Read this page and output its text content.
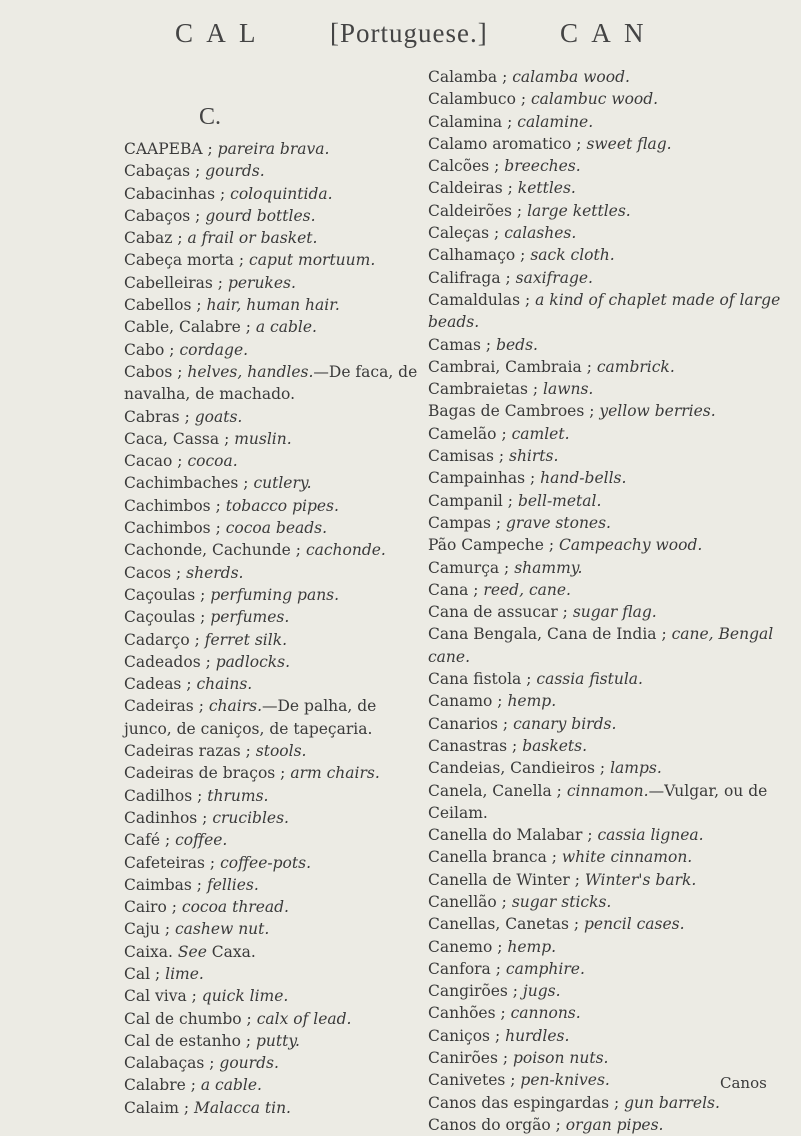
C A L	[Portuguese.]	C A N
C.
CAAPEBA ; pareira brava.
Cabaças ; gourds.
Cabacinhas ; coloquintida.
Cabaços ; gourd bottles.
Cabaz ; a frail or basket.
Cabeça morta ; caput mortuum.
Cabelleiras ; perukes.
Cabellos ; hair, human hair.
Cable, Calabre ; a cable.
Cabo ; cordage.
Cabos ; helves, handles.—De faca, de navalha, de machado.
Cabras ; goats.
Caca, Cassa ; muslin.
Cacao ; cocoa.
Cachimbaches ; cutlery.
Cachimbos ; tobacco pipes.
Cachimbos ; cocoa beads.
Cachonde, Cachunde ; cachonde.
Cacos ; sherds.
Caçoulas ; perfuming pans.
Caçoulas ; perfumes.
Cadarço ; ferret silk.
Cadeados ; padlocks.
Cadeas ; chains.
Cadeiras ; chairs.—De palha, de junco, de caniços, de tapeçaria.
Cadeiras razas ; stools.
Cadeiras de braços ; arm chairs.
Cadilhos ; thrums.
Cadinhos ; crucibles.
Café ; coffee.
Cafeteiras ; coffee-pots.
Caimbas ; fellies.
Cairo ; cocoa thread.
Caju ; cashew nut.
Caixa. See Caxa.
Cal ; lime.
Cal viva ; quick lime.
Cal de chumbo ; calx of lead.
Cal de estanho ; putty.
Calabaças ; gourds.
Calabre ; a cable.
Calaim ; Malacca tin.
Calamba ; calamba wood.
Calambuco ; calambuc wood.
Calamina ; calamine.
Calamo aromatico ; sweet flag.
Calcões ; breeches.
Caldeiras ; kettles.
Caldeirões ; large kettles.
Caleças ; calashes.
Calhamaço ; sack cloth.
Califraga ; saxifrage.
Camaldulas ; a kind of chaplet made of large beads.
Camas ; beds.
Cambrai, Cambraia ; cambrick.
Cambraietas ; lawns.
Bagas de Cambroes ; yellow berries.
Camelão ; camlet.
Camisas ; shirts.
Campainhas ; hand-bells.
Campanil ; bell-metal.
Campas ; grave stones.
Pão Campeche ; Campeachy wood.
Camurça ; shammy.
Cana ; reed, cane.
Cana de assucar ; sugar flag.
Cana Bengala, Cana de India ; cane, Bengal cane.
Cana fistola ; cassia fistula.
Canamo ; hemp.
Canarios ; canary birds.
Canastras ; baskets.
Candeias, Candieiros ; lamps.
Canela, Canella ; cinnamon.—Vulgar, ou de Ceilam.
Canella do Malabar ; cassia lignea.
Canella branca ; white cinnamon.
Canella de Winter ; Winter's bark.
Canellão ; sugar sticks.
Canellas, Canetas ; pencil cases.
Canemo ; hemp.
Canfora ; camphire.
Cangirões ; jugs.
Canhões ; cannons.
Caniços ; hurdles.
Canirões ; poison nuts.
Canivetes ; pen-knives.
Canos das espingardas ; gun barrels.
Canos do orgão ; organ pipes.
Canos
